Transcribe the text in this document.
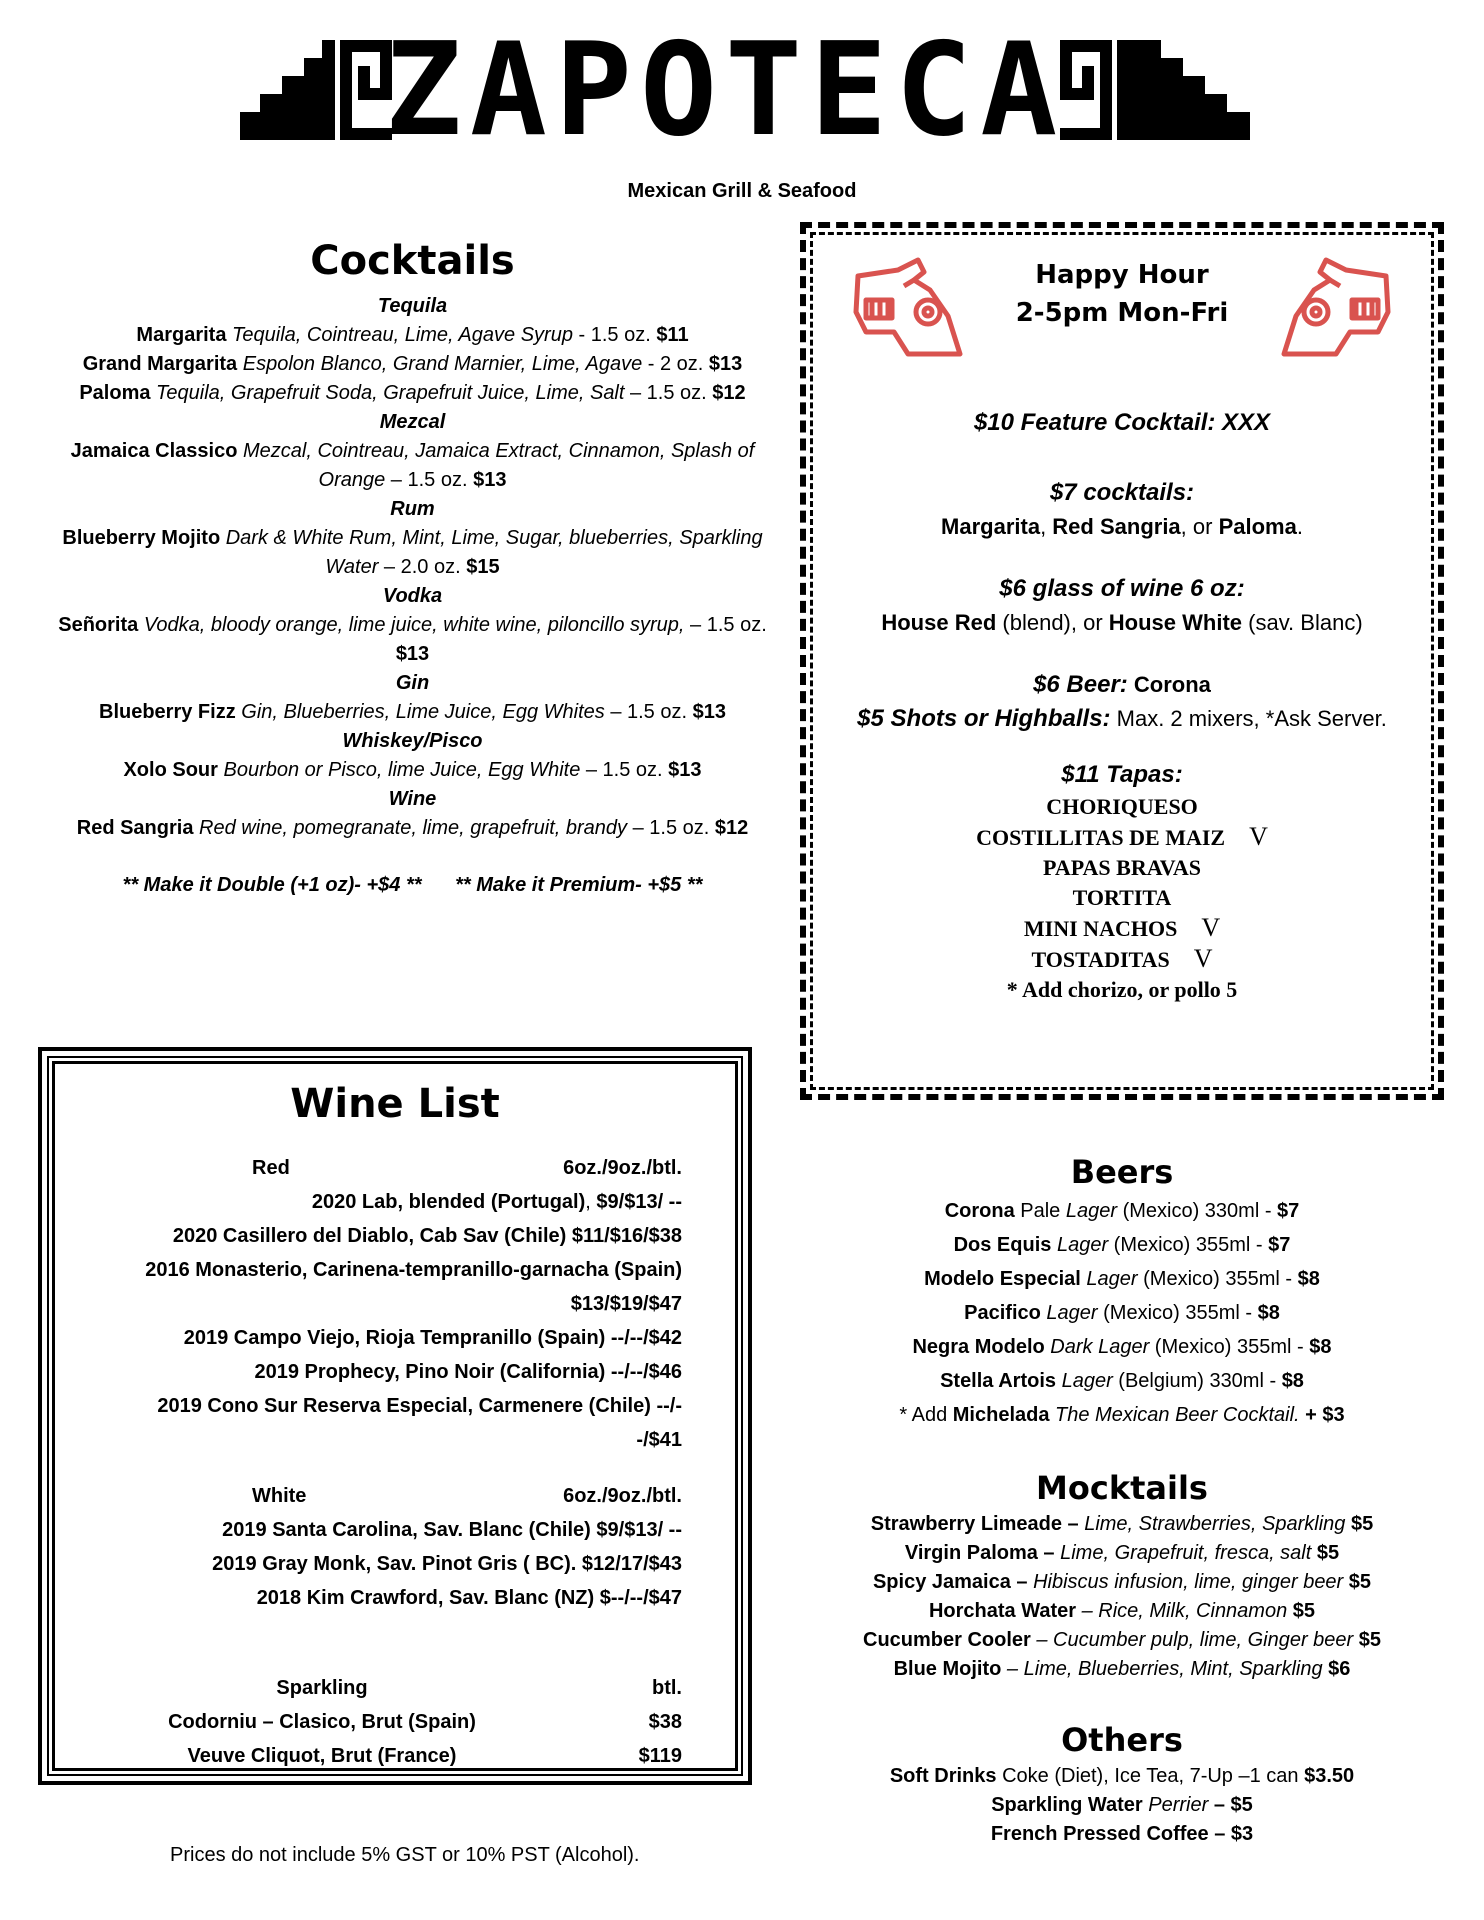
ZAPOTECA
Mexican Grill & Seafood
Cocktails
Tequila
Margarita Tequila, Cointreau, Lime, Agave Syrup - 1.5 oz. $11
Grand Margarita Espolon Blanco, Grand Marnier, Lime, Agave - 2 oz. $13
Paloma Tequila, Grapefruit Soda, Grapefruit Juice, Lime, Salt – 1.5 oz. $12
Mezcal
Jamaica Classico Mezcal, Cointreau, Jamaica Extract, Cinnamon, Splash of Orange – 1.5 oz. $13
Rum
Blueberry Mojito Dark & White Rum, Mint, Lime, Sugar, blueberries, Sparkling Water – 2.0 oz. $15
Vodka
Señorita Vodka, bloody orange, lime juice, white wine, piloncillo syrup, – 1.5 oz. $13
Gin
Blueberry Fizz Gin, Blueberries, Lime Juice, Egg Whites – 1.5 oz. $13
Whiskey/Pisco
Xolo Sour Bourbon or Pisco, lime Juice, Egg White – 1.5 oz. $13
Wine
Red Sangria Red wine, pomegranate, lime, grapefruit, brandy – 1.5 oz. $12
** Make it Double (+1 oz)- +$4 ** ** Make it Premium- +$5 **
Happy Hour
2-5pm Mon-Fri
$10 Feature Cocktail: XXX
$7 cocktails:
Margarita, Red Sangria, or Paloma.
$6 glass of wine 6 oz:
House Red (blend), or House White (sav. Blanc)
$6 Beer: Corona
$5 Shots or Highballs: Max. 2 mixers, *Ask Server.
$11 Tapas:
CHORIQUESO
COSTILLITAS DE MAIZ V
PAPAS BRAVAS
TORTITA
MINI NACHOS V
TOSTADITAS V
* Add chorizo, or pollo 5
Wine List
Red	6oz./9oz./btl.
2020 Lab, blended (Portugal), $9/$13/ --
2020 Casillero del Diablo, Cab Sav (Chile) $11/$16/$38
2016 Monasterio, Carinena-tempranillo-garnacha (Spain)
$13/$19/$47
2019 Campo Viejo, Rioja Tempranillo (Spain) --/--/$42
2019 Prophecy, Pino Noir (California) --/--/$46
2019 Cono Sur Reserva Especial, Carmenere (Chile) --/--/$41
White	6oz./9oz./btl.
2019 Santa Carolina, Sav. Blanc (Chile) $9/$13/ --
2019 Gray Monk, Sav. Pinot Gris ( BC). $12/17/$43
2018 Kim Crawford, Sav. Blanc (NZ) $--/--/$47
Sparkling	btl.
Codorniu – Clasico, Brut (Spain)	$38
Veuve Cliquot, Brut (France)	$119
Beers
Corona Pale Lager (Mexico) 330ml - $7
Dos Equis Lager (Mexico) 355ml - $7
Modelo Especial Lager (Mexico) 355ml - $8
Pacifico Lager (Mexico) 355ml - $8
Negra Modelo Dark Lager (Mexico) 355ml - $8
Stella Artois Lager (Belgium) 330ml - $8
* Add Michelada The Mexican Beer Cocktail. + $3
Mocktails
Strawberry Limeade – Lime, Strawberries, Sparkling $5
Virgin Paloma – Lime, Grapefruit, fresca, salt $5
Spicy Jamaica – Hibiscus infusion, lime, ginger beer $5
Horchata Water – Rice, Milk, Cinnamon $5
Cucumber Cooler – Cucumber pulp, lime, Ginger beer $5
Blue Mojito – Lime, Blueberries, Mint, Sparkling $6
Others
Soft Drinks Coke (Diet), Ice Tea, 7-Up –1 can $3.50
Sparkling Water Perrier – $5
French Pressed Coffee – $3
Prices do not include 5% GST or 10% PST (Alcohol).
